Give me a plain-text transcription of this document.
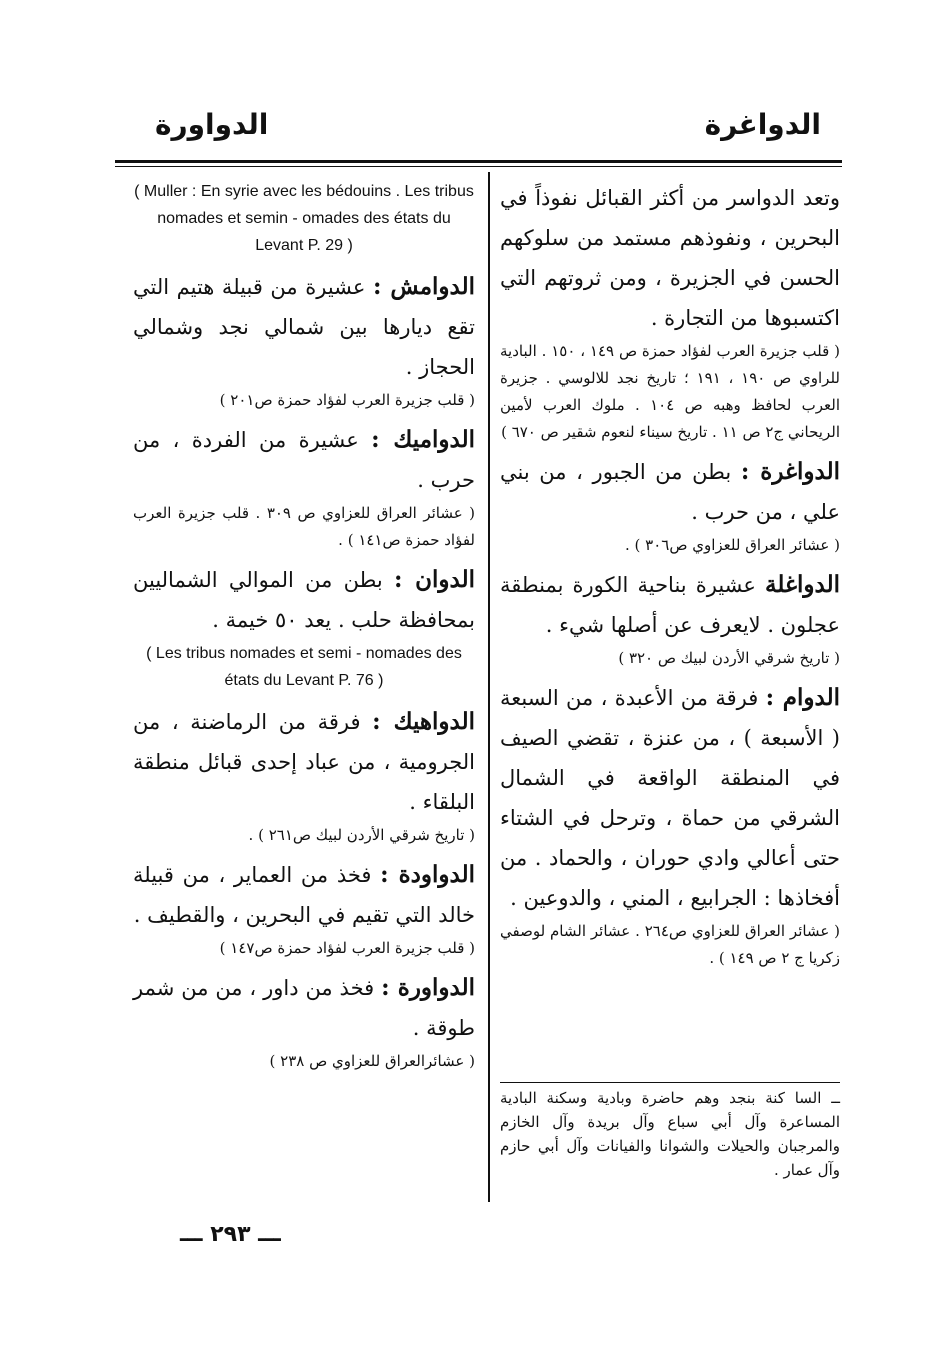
الدواغرة
الدواورة

وتعد الدواسر من أكثر القبائل نفوذاً في البحرين ، ونفوذهم مستمد من سلوكهم الحسن في الجزيرة ، ومن ثروتهم التي اكتسبوها من التجارة .

( قلب جزيرة العرب لفؤاد حمزة ص ١٤٩ ، ١٥٠ . البادية للراوي ص ١٩٠ ، ١٩١ ؛ تاريخ نجد للالوسي . جزيرة العرب لحافظ وهبه ص ١٠٤ . ملوك العرب لأمين الريحاني ج٢ ص ١١ . تاريخ سيناء لنعوم شقير ص ٦٧٠ )

الدواغرة : بطن من الجبور ، من بني علي ، من حرب .

( عشائر العراق للعزاوي ص٣٠٦ ) .

الدواغلة عشيرة بناحية الكورة بمنطقة عجلون . لايعرف عن أصلها شيء .

( تاريخ شرقي الأردن لبيك ص ٣٢٠ )

الدوام : فرقة من الأعبدة ، من السبعة ( الأسبعة ) ، من عنزة ، تقضي الصيف في المنطقة الواقعة في الشمال الشرقي من حماة ، وترحل في الشتاء حتى أعالي وادي حوران ، والحماد . من أفخاذها : الجرابيع ، المني ، والدوعين .

( عشائر العراق للعزاوي ص٢٦٤ . عشائر الشام لوصفي زكريا ج ٢ ص ١٤٩ ) .

( Muller : En syrie avec les bédouins . Les tribus nomades et semin - omades des états du Levant P. 29 )

الدوامش : عشيرة من قبيلة هتيم التي تقع ديارها بين شمالي نجد وشمالي الحجاز .

( قلب جزيرة العرب لفؤاد حمزة ص٢٠١ )

الدواميك : عشيرة من الفردة ، من حرب .

( عشائر العراق للعزاوي ص ٣٠٩ . قلب جزيرة العرب لفؤاد حمزة ص١٤١ ) .

الدوان : بطن من الموالي الشماليين بمحافظة حلب . يعد ٥٠ خيمة .

( Les tribus nomades et semi - nomades des états du Levant P. 76 )

الدواهيك : فرقة من الرماضنة ، من الجرومية ، من عباد إحدى قبائل منطقة البلقاء .

( تاريخ شرقي الأردن لبيك ص٢٦١ ) .

الدواودة : فخذ من العماير ، من قبيلة خالد التي تقيم في البحرين ، والقطيف .

( قلب جزيرة العرب لفؤاد حمزة ص١٤٧ )

الدواورة : فخذ من داور ، من من شمر طوقة .

( عشائرالعراق للعزاوي ص ٢٣٨ )

ــ السا كنة بنجد وهم حاضرة وبادية وسكنة البادية المساعرة وآل أبي سباع وآل بريدة وآل الخازم والمرجبان والحيلات والشوانا والفيانات وآل أبي حازم وآل عمار .

ـــ ٢٩٣ ـــ
